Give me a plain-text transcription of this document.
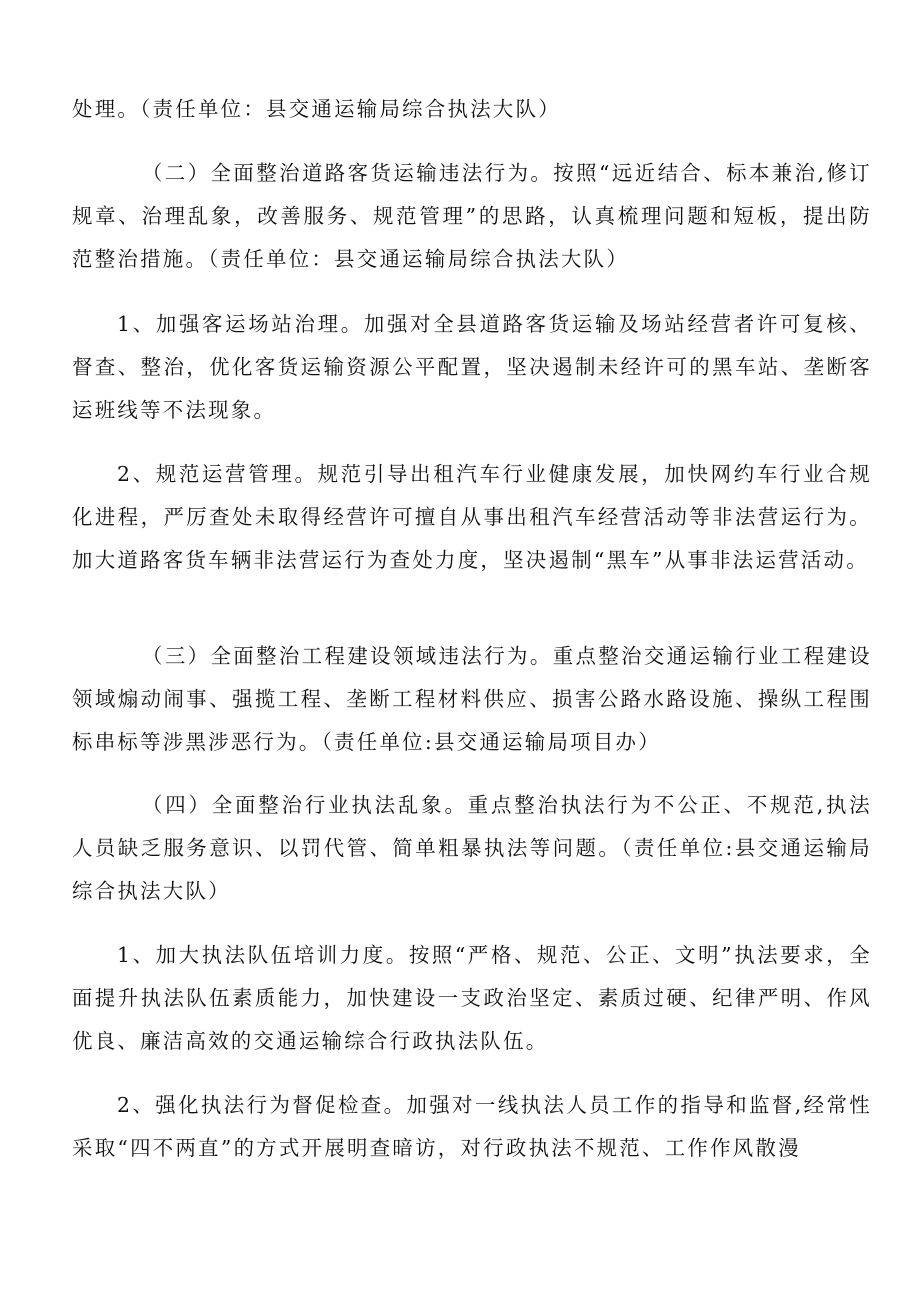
处理。（责任单位：县交通运输局综合执法大队）

（二）全面整治道路客货运输违法行为。按照“远近结合、标本兼治,修订规章、治理乱象，改善服务、规范管理”的思路，认真梳理问题和短板，提出防范整治措施。（责任单位：县交通运输局综合执法大队）

1、加强客运场站治理。加强对全县道路客货运输及场站经营者许可复核、督查、整治，优化客货运输资源公平配置，坚决遏制未经许可的黑车站、垄断客运班线等不法现象。

2、规范运营管理。规范引导出租汽车行业健康发展，加快网约车行业合规化进程，严厉查处未取得经营许可擅自从事出租汽车经营活动等非法营运行为。加大道路客货车辆非法营运行为查处力度，坚决遏制“黑车”从事非法运营活动。

（三）全面整治工程建设领域违法行为。重点整治交通运输行业工程建设领域煽动闹事、强揽工程、垄断工程材料供应、损害公路水路设施、操纵工程围标串标等涉黑涉恶行为。（责任单位:县交通运输局项目办）

（四）全面整治行业执法乱象。重点整治执法行为不公正、不规范,执法人员缺乏服务意识、以罚代管、简单粗暴执法等问题。（责任单位:县交通运输局综合执法大队）

1、加大执法队伍培训力度。按照“严格、规范、公正、文明”执法要求，全面提升执法队伍素质能力，加快建设一支政治坚定、素质过硬、纪律严明、作风优良、廉洁高效的交通运输综合行政执法队伍。

2、强化执法行为督促检查。加强对一线执法人员工作的指导和监督,经常性采取“四不两直”的方式开展明查暗访，对行政执法不规范、工作作风散漫
